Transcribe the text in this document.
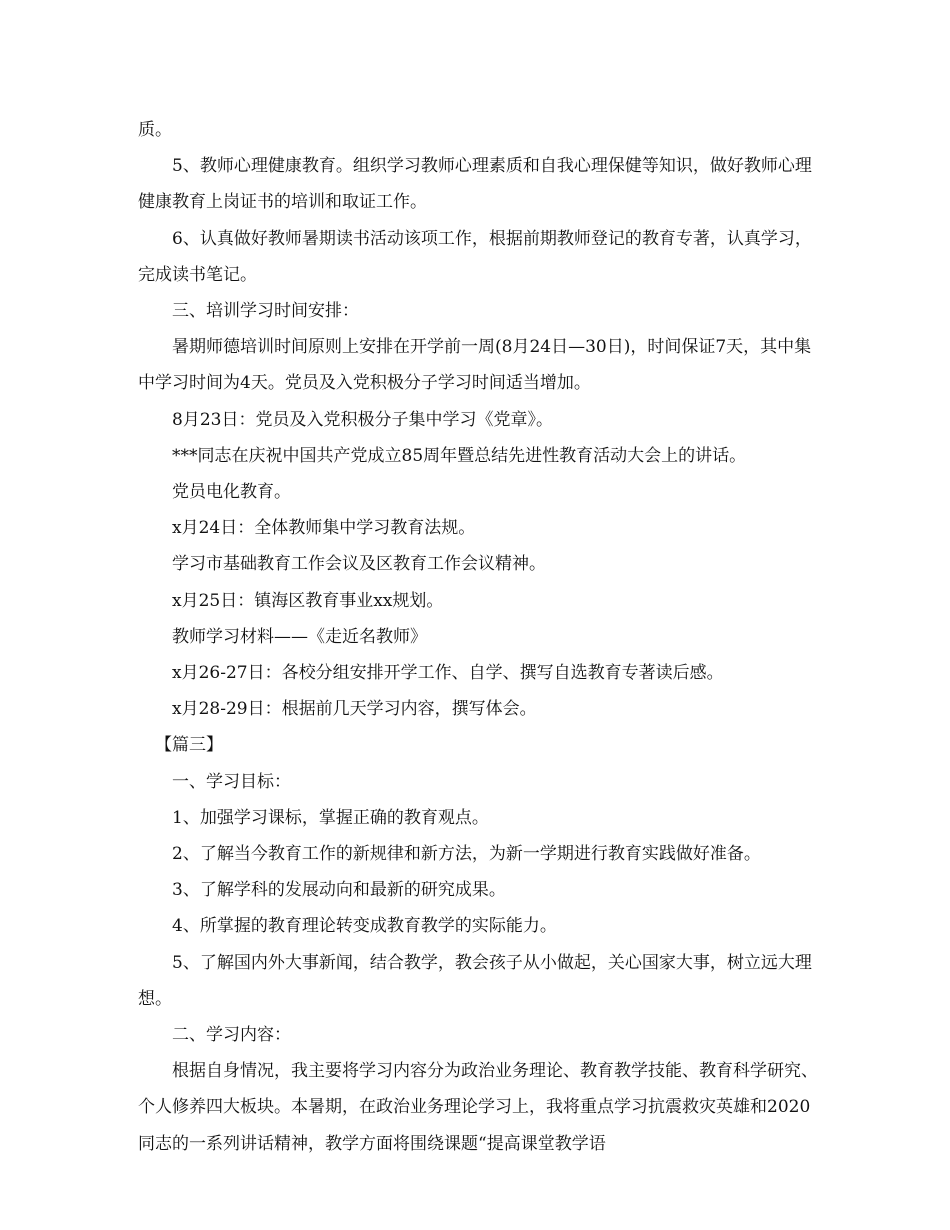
质。

5、教师心理健康教育。组织学习教师心理素质和自我心理保健等知识，做好教师心理健康教育上岗证书的培训和取证工作。

6、认真做好教师暑期读书活动该项工作，根据前期教师登记的教育专著，认真学习，完成读书笔记。

三、培训学习时间安排：

暑期师德培训时间原则上安排在开学前一周(8月24日—30日)，时间保证7天，其中集中学习时间为4天。党员及入党积极分子学习时间适当增加。

8月23日：党员及入党积极分子集中学习《党章》。

***同志在庆祝中国共产党成立85周年暨总结先进性教育活动大会上的讲话。

党员电化教育。

x月24日：全体教师集中学习教育法规。

学习市基础教育工作会议及区教育工作会议精神。

x月25日：镇海区教育事业xx规划。

教师学习材料——《走近名教师》

x月26-27日：各校分组安排开学工作、自学、撰写自选教育专著读后感。

x月28-29日：根据前几天学习内容，撰写体会。

【篇三】

一、学习目标：

1、加强学习课标，掌握正确的教育观点。

2、了解当今教育工作的新规律和新方法，为新一学期进行教育实践做好准备。

3、了解学科的发展动向和最新的研究成果。

4、所掌握的教育理论转变成教育教学的实际能力。

5、了解国内外大事新闻，结合教学，教会孩子从小做起，关心国家大事，树立远大理想。

二、学习内容：

根据自身情况，我主要将学习内容分为政治业务理论、教育教学技能、教育科学研究、个人修养四大板块。本暑期，在政治业务理论学习上，我将重点学习抗震救灾英雄和2020同志的一系列讲话精神，教学方面将围绕课题“提高课堂教学语
